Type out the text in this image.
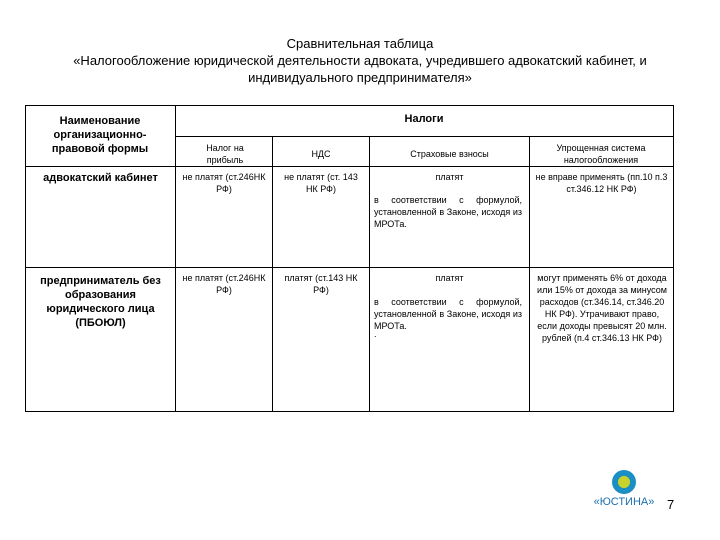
Сравнительная таблица
«Налогообложение юридической деятельности адвоката, учредившего адвокатский кабинет, и
индивидуального предпринимателя»
Наименование организационно-правовой формы
Налоги
Налог на прибыль
НДС	Страховые взносы
Упрощенная система налогообложения
адвокатский кабинет	не платят (ст.246НК РФ)
не платят (ст. 143 НК РФ)
платят
в соответствии с формулой, установленной в Законе, исходя из МРОТа.
не вправе применять (пп.10 п.3 ст.346.12 НК РФ)
предприниматель без образования юридического лица (ПБОЮЛ)
не платят (ст.246НК РФ)
платят (ст.143 НК РФ)
платят
в соответствии с формулой, установленной в Законе, исходя из МРОТа.
.
могут применять 6% от дохода или 15% от дохода за минусом расходов (ст.346.14, ст.346.20 НК РФ). Утрачивают право, если доходы превысят 20 млн. рублей (п.4 ст.346.13 НК РФ)
«ЮСТИНА» 7
